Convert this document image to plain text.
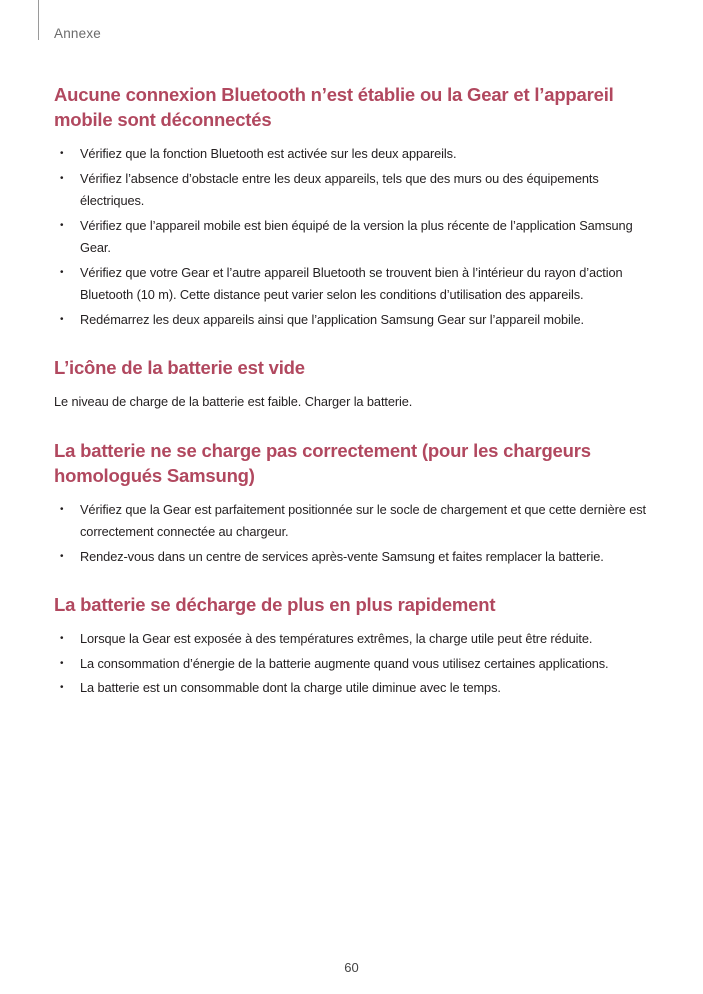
Annexe
Aucune connexion Bluetooth n’est établie ou la Gear et l’appareil mobile sont déconnectés
• Vérifiez que la fonction Bluetooth est activée sur les deux appareils.
• Vérifiez l’absence d’obstacle entre les deux appareils, tels que des murs ou des équipements électriques.
• Vérifiez que l’appareil mobile est bien équipé de la version la plus récente de l’application Samsung Gear.
• Vérifiez que votre Gear et l’autre appareil Bluetooth se trouvent bien à l’intérieur du rayon d’action Bluetooth (10 m). Cette distance peut varier selon les conditions d’utilisation des appareils.
• Redémarrez les deux appareils ainsi que l’application Samsung Gear sur l’appareil mobile.
L’icône de la batterie est vide

Le niveau de charge de la batterie est faible. Charger la batterie.

La batterie ne se charge pas correctement (pour les chargeurs homologués Samsung)
• Vérifiez que la Gear est parfaitement positionnée sur le socle de chargement et que cette dernière est correctement connectée au chargeur.
• Rendez-vous dans un centre de services après-vente Samsung et faites remplacer la batterie.
La batterie se décharge de plus en plus rapidement
• Lorsque la Gear est exposée à des températures extrêmes, la charge utile peut être réduite.
• La consommation d’énergie de la batterie augmente quand vous utilisez certaines applications.
• La batterie est un consommable dont la charge utile diminue avec le temps.
60
